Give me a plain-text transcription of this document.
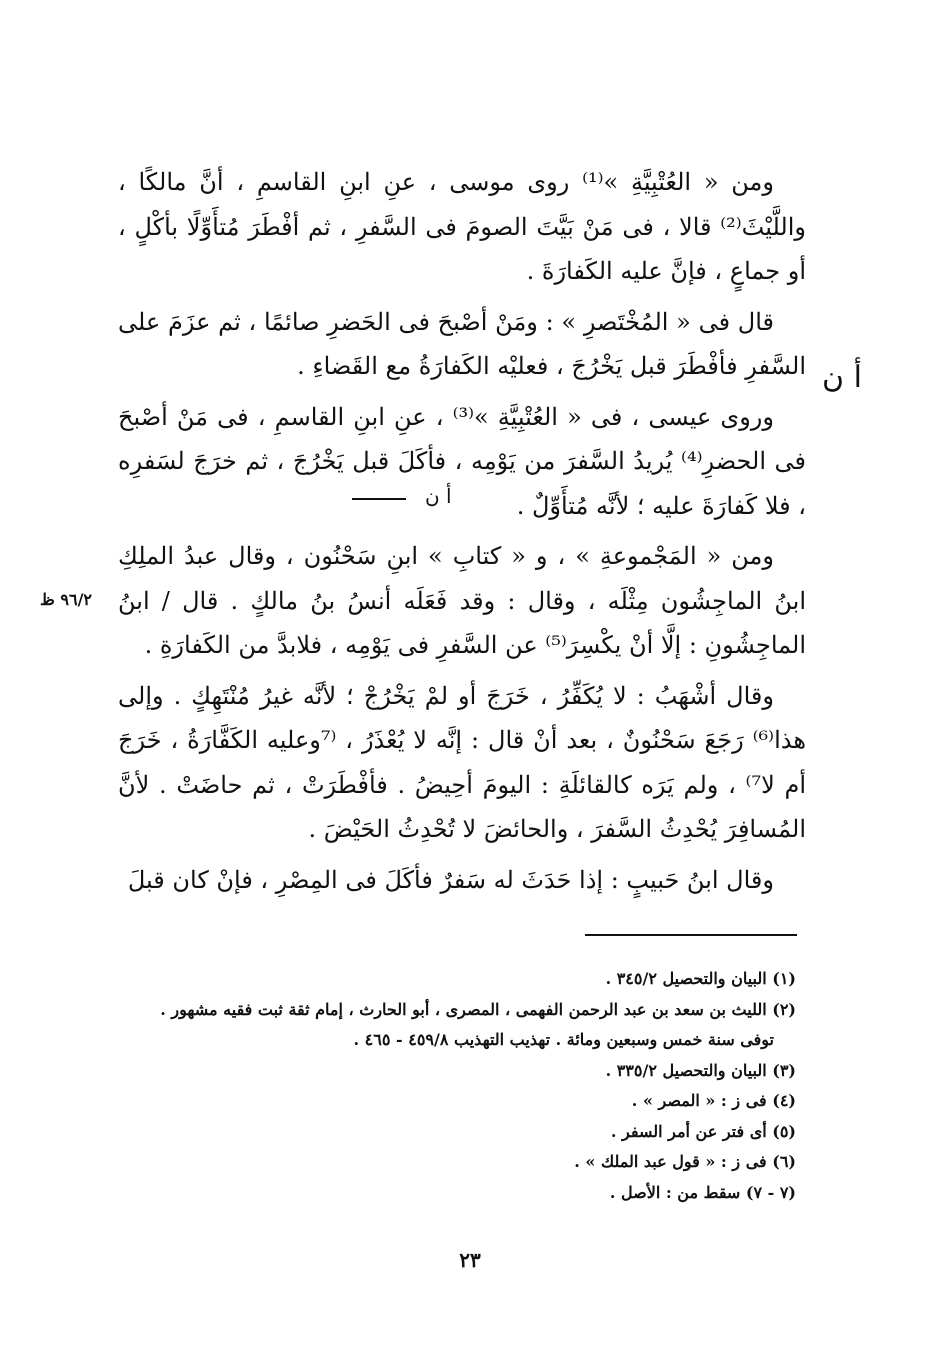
ومن « العُتْبِيَّةِ »⁽¹⁾ روى موسى ، عنِ ابنِ القاسمِ ، أنَّ مالكًا ، واللَّيْثَ⁽²⁾ قالا ، فى مَنْ بَيَّتَ الصومَ فى السَّفرِ ، ثم أفْطَرَ مُتأَوِّلًا بأكْلٍ ، أو جماعٍ ، فإنَّ عليه الكَفارَةَ .

قال فى « المُخْتَصرِ » : ومَنْ أصْبحَ فى الحَضرِ صائمًا ، ثم عزَمَ على السَّفرِ فأفْطَرَ قبل يَخْرُجَ ، فعليْه الكَفارَةُ مع القَضاءِ .

وروى عيسى ، فى « العُتْبِيَّةِ »⁽³⁾ ، عنِ ابنِ القاسمِ ، فى مَنْ أصْبحَ فى الحضرِ⁽⁴⁾ يُريدُ السَّفرَ من يَوْمِه ، فأكَلَ قبل يَخْرُجَ ، ثم خرَجَ لسَفرِه ، فلا كَفارَةَ عليه ؛ لأنَّه مُتأَوِّلٌ .

ومن « المَجْموعةِ » ، و « كتابِ » ابنِ سَحْنُون ، وقال عبدُ الملِكِ ابنُ الماجِشُون مِثْلَه ، وقال : وقد فَعَلَه أنسُ بنُ مالكٍ . قال / ابنُ الماجِشُونِ : إلَّا أنْ يكْسِرَ⁽⁵⁾ عن السَّفرِ فى يَوْمِه ، فلابدَّ من الكَفارَةِ .

وقال أشْهَبُ : لا يُكَفِّرُ ، خَرَجَ أو لمْ يَخْرُجْ ؛ لأنَّه غيرُ مُنْتَهِكٍ . وإلى هذا⁽⁶⁾ رَجَعَ سَحْنُونٌ ، بعد أنْ قال : إنَّه لا يُعْذَرُ ، ⁽⁷وعليه الكَفَّارَةُ ، خَرَجَ أم لا⁷⁾ ، ولم يَرَه كالقائلَةِ : اليومَ أحِيضُ . فأفْطَرَتْ ، ثم حاضَتْ . لأنَّ المُسافِرَ يُحْدِثُ السَّفرَ ، والحائضَ لا تُحْدِثُ الحَيْضَ .

وقال ابنُ حَبيبٍ : إذا حَدَثَ له سَفرٌ فأكَلَ فى المِصْرِ ، فإنْ كان قبلَ

أ ن
٩٦/٢ ظ
أ ن

(١) البيان والتحصيل ٣٤٥/٢ .

(٢) الليث بن سعد بن عبد الرحمن الفهمى ، المصرى ، أبو الحارث ، إمام ثقة ثبت فقيه مشهور .

توفى سنة خمس وسبعين ومائة . تهذيب التهذيب ٤٥٩/٨ - ٤٦٥ .

(٣) البيان والتحصيل ٣٣٥/٢ .

(٤) فى ز : « المصر » .

(٥) أى فتر عن أمر السفر .

(٦) فى ز : « قول عبد الملك » .

(٧ - ٧) سقط من : الأصل .

٢٣
